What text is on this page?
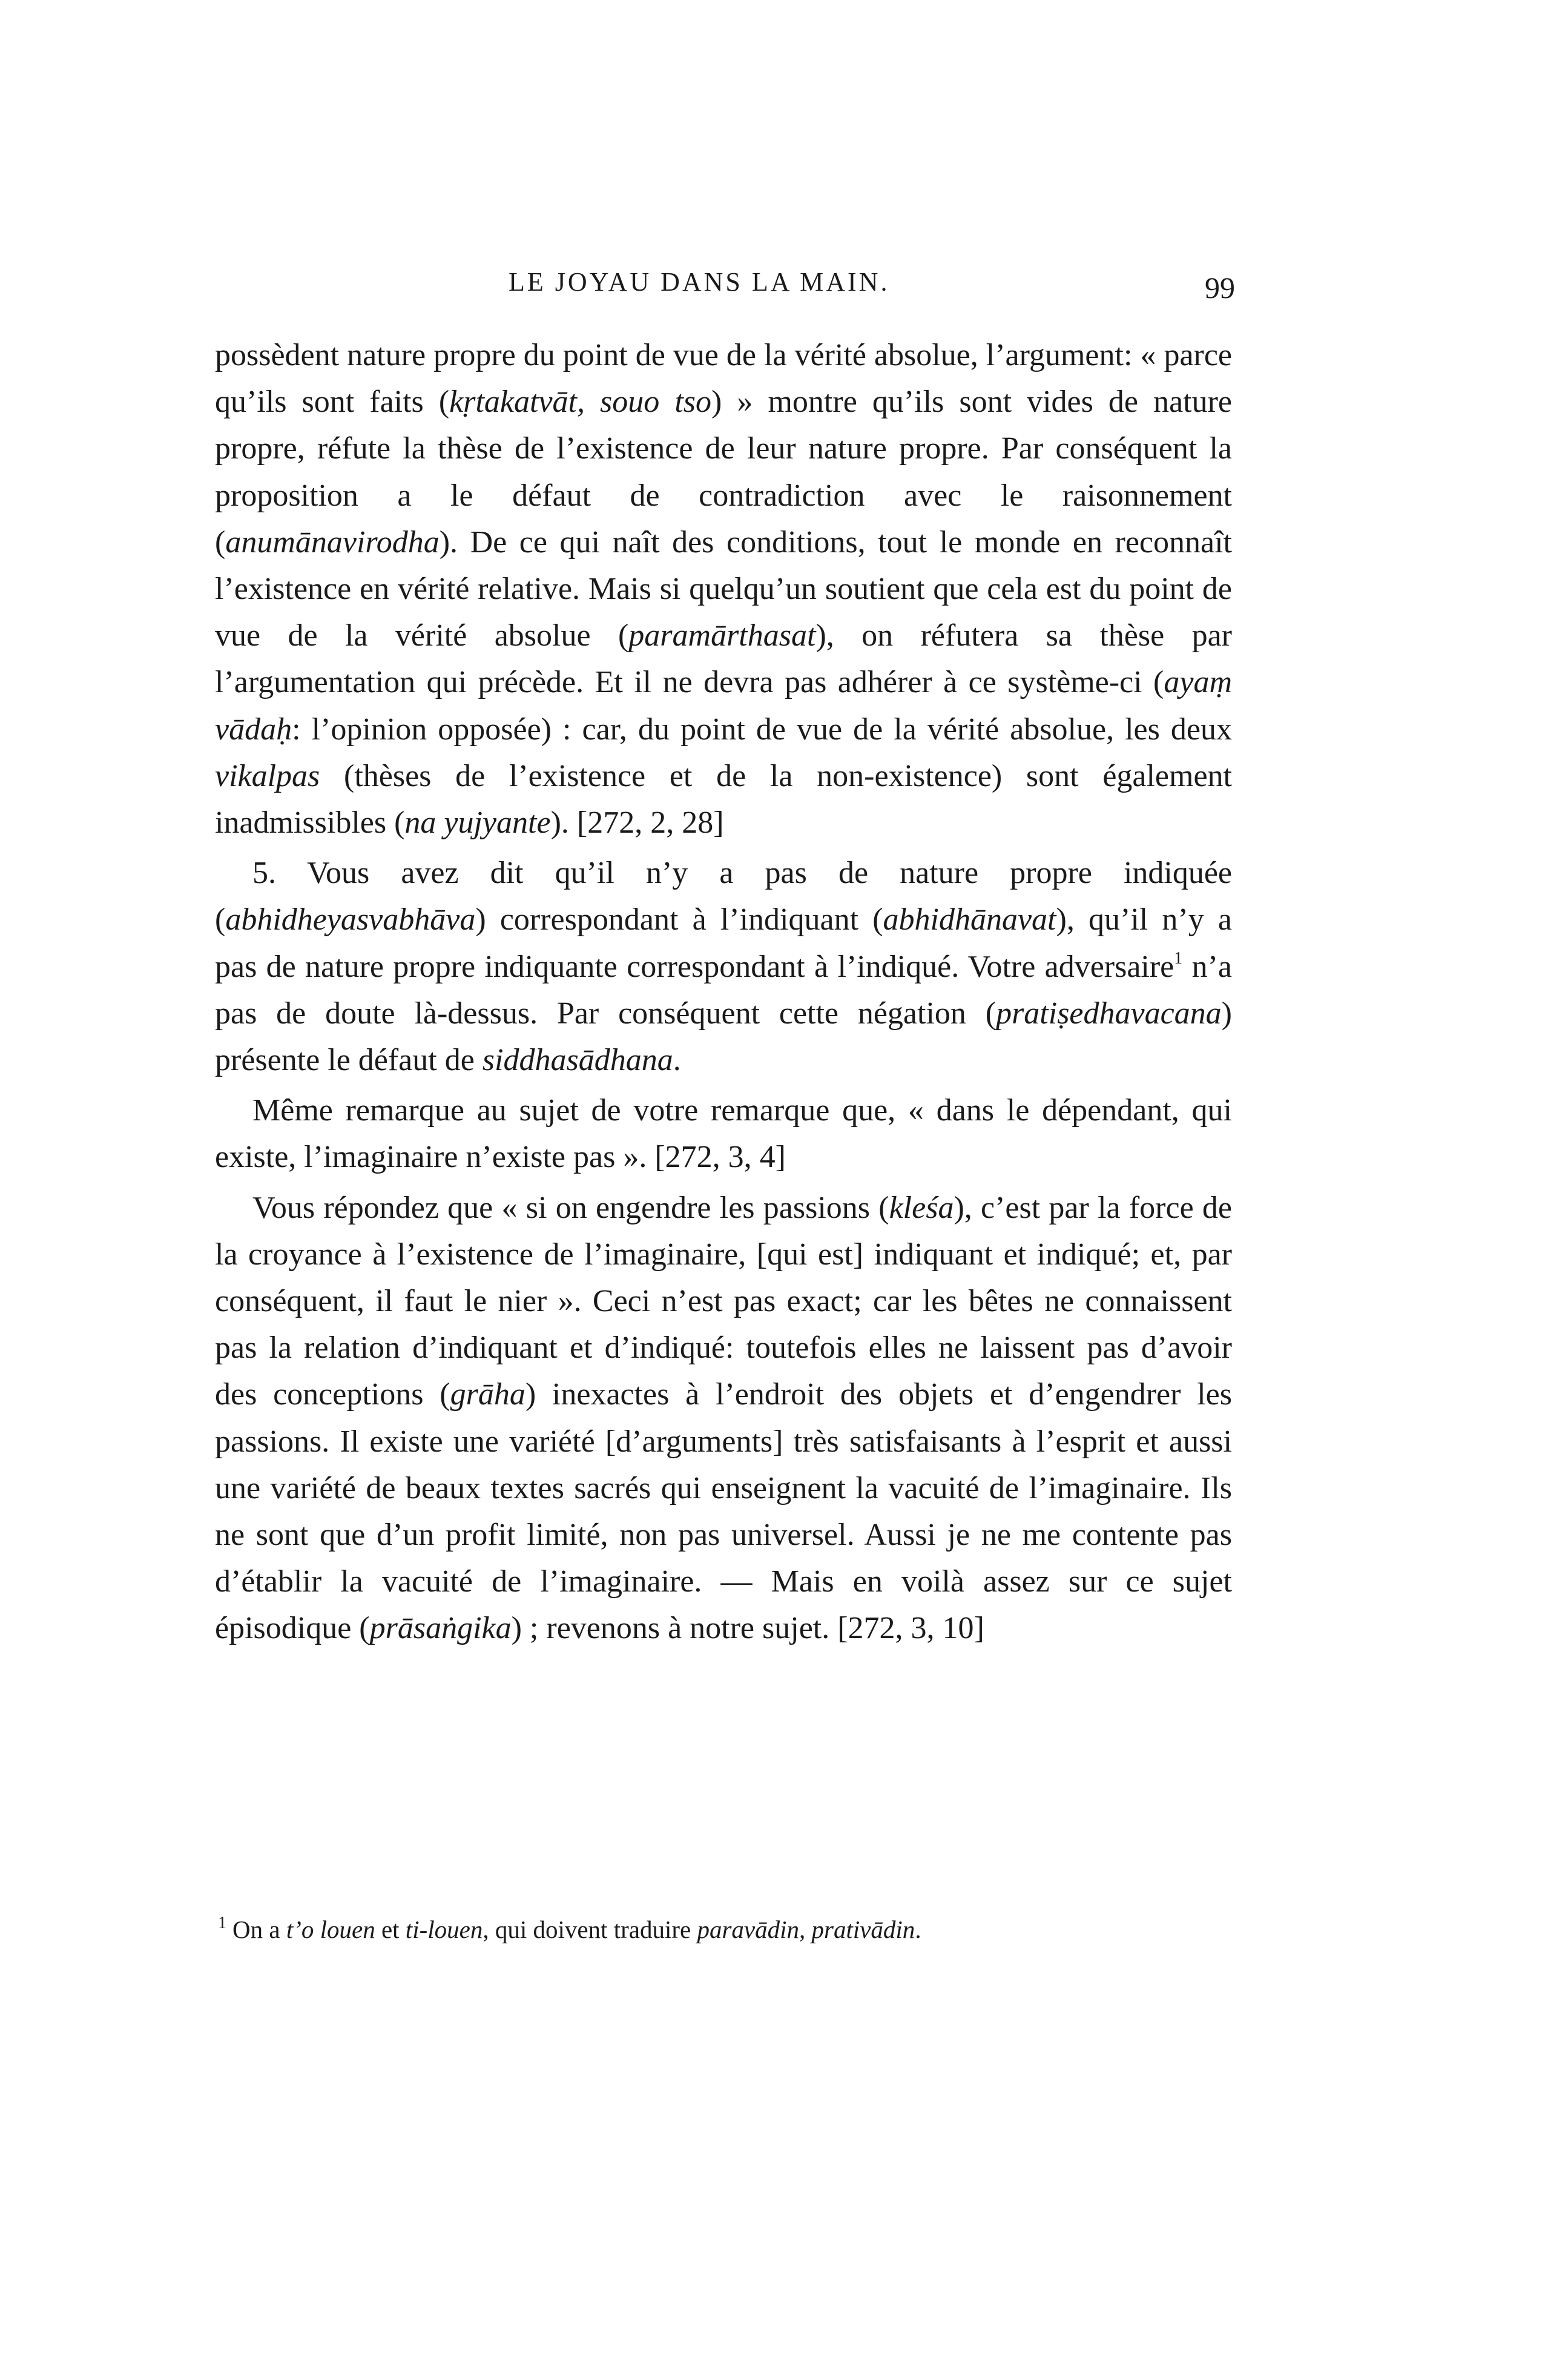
LE JOYAU DANS LA MAIN.	99

possèdent nature propre du point de vue de la vérité absolue, l’argument: « parce qu’ils sont faits (kṛtakatvāt, souo tso) » montre qu’ils sont vides de nature propre, réfute la thèse de l’existence de leur nature propre. Par conséquent la proposition a le défaut de contradiction avec le raisonnement (anumānavirodha). De ce qui naît des conditions, tout le monde en reconnaît l’existence en vérité relative. Mais si quelqu’un soutient que cela est du point de vue de la vérité absolue (paramārthasat), on réfutera sa thèse par l’argumentation qui précède. Et il ne devra pas adhérer à ce système-ci (ayaṃ vādaḥ: l’opinion opposée) : car, du point de vue de la vérité absolue, les deux vikalpas (thèses de l’existence et de la non-existence) sont également inadmissibles (na yujyante). [272, 2, 28]

5. Vous avez dit qu’il n’y a pas de nature propre indiquée (abhidheyasvabhāva) correspondant à l’indiquant (abhidhānavat), qu’il n’y a pas de nature propre indiquante correspondant à l’indiqué. Votre adversaire$^1$ n’a pas de doute là-dessus. Par conséquent cette négation (pratiṣedhavacana) présente le défaut de siddhasādhana.

Même remarque au sujet de votre remarque que, « dans le dépendant, qui existe, l’imaginaire n’existe pas ». [272, 3, 4]

Vous répondez que « si on engendre les passions (kleśa), c’est par la force de la croyance à l’existence de l’imaginaire, [qui est] indiquant et indiqué; et, par conséquent, il faut le nier ». Ceci n’est pas exact; car les bêtes ne connaissent pas la relation d’indiquant et d’indiqué: toutefois elles ne laissent pas d’avoir des conceptions (grāha) inexactes à l’endroit des objets et d’engendrer les passions. Il existe une variété [d’arguments] très satisfaisants à l’esprit et aussi une variété de beaux textes sacrés qui enseignent la vacuité de l’imaginaire. Ils ne sont que d’un profit limité, non pas universel. Aussi je ne me contente pas d’établir la vacuité de l’imaginaire. — Mais en voilà assez sur ce sujet épisodique (prāsaṅgika) ; revenons à notre sujet. [272, 3, 10]

$^1$ On a t’o louen et ti-louen, qui doivent traduire paravādin, prativādin.
